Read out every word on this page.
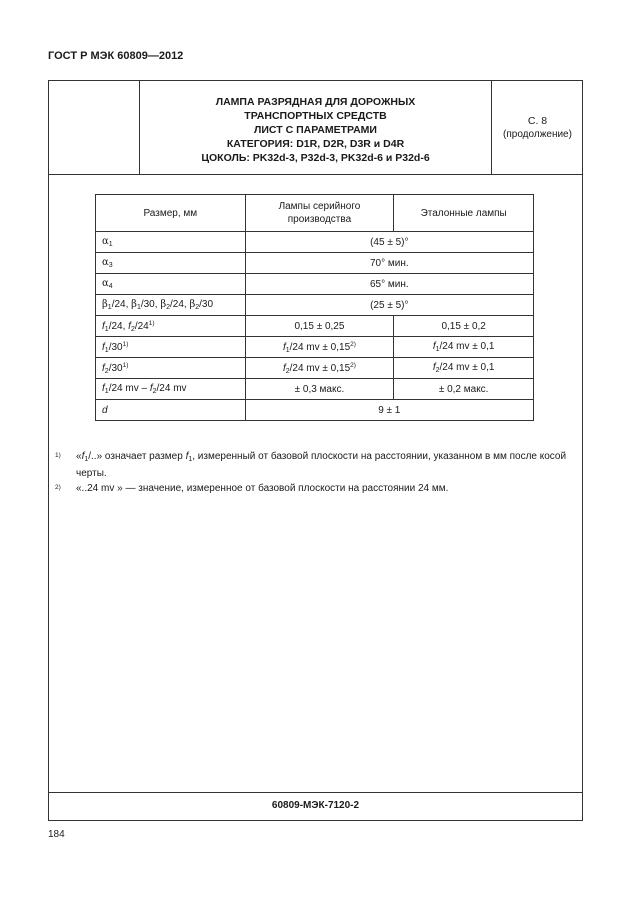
ГОСТ Р МЭК 60809—2012
ЛАМПА РАЗРЯДНАЯ ДЛЯ ДОРОЖНЫХ
ТРАНСПОРТНЫХ СРЕДСТВ
ЛИСТ С ПАРАМЕТРАМИ
КАТЕГОРИЯ: D1R, D2R, D3R и D4R
ЦОКОЛЬ: PK32d-3, P32d-3, PK32d-6 и P32d-6
С. 8
(продолжение)
Размер, мм	Лампы серийного производства	Эталонные лампы
$\alpha_1$	(45 ± 5)°	
$\alpha_3$	70° мин.	
$\alpha_4$	65° мин.	
$\beta_1/24$, $\beta_1/30$, $\beta_2/24$, $\beta_2/30$	(25 ± 5)°	
$f_1/24$, $f_2/24^{1)}$	0,15 ± 0,25	0,15 ± 0,2
$f_1/30^{1)}$	$f_1/24$ mv ± $0,15^{2)}$	$f_1/24$ mv ± 0,1
$f_2/30^{1)}$	$f_2/24$ mv ± $0,15^{2)}$	$f_2/24$ mv ± 0,1
$f_1/24$ mv – $f_2/24$ mv	± 0,3 макс.	± 0,2 макс.
d	9 ± 1	
1) «$f_1/$..» означает размер $f_1$, измеренный от базовой плоскости на расстоянии, указанном в мм после косой черты.
2) «..24 mv » — значение, измеренное от базовой плоскости на расстоянии 24 мм.
60809-МЭК-7120-2
184
